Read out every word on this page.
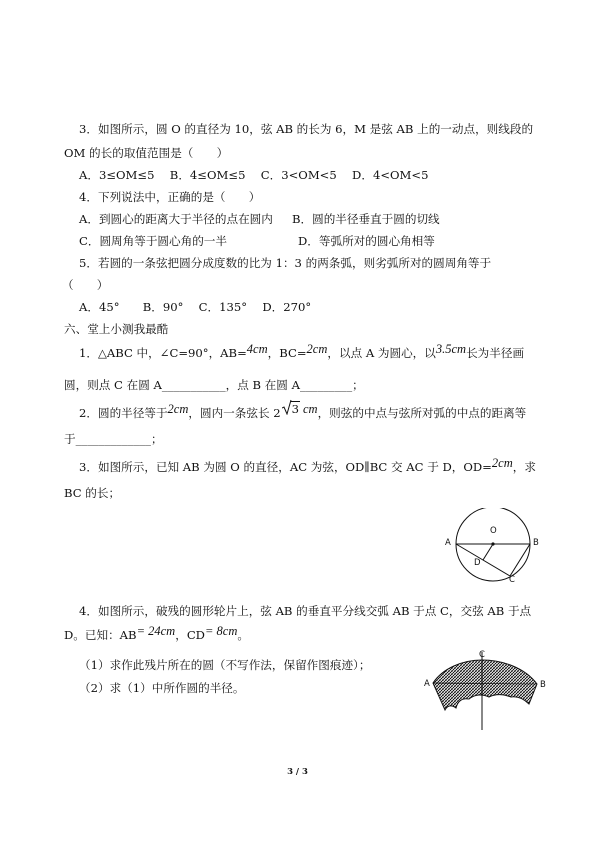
3．如图所示，圆 O 的直径为 10，弦 AB 的长为 6，M 是弦 AB 上的一动点，则线段的
OM 的长的取值范围是（　　）
A．3≤OM≤5　 B．4≤OM≤5　 C．3<OM<5　 D．4<OM<5
4．下列说法中，正确的是（　　）
A．到圆心的距离大于半径的点在圆内 B．圆的半径垂直于圆的切线
C．圆周角等于圆心角的一半	D．等弧所对的圆心角相等
5．若圆的一条弦把圆分成度数的比为 1：3 的两条弧，则劣弧所对的圆周角等于
（　　）
A．45°　　B．90°　 C．135°　 D．270°
六、堂上小测我最酷
1．△ABC 中，∠C=90°，AB=4cm，BC=2cm，以点 A 为圆心，以3.5cm长为半径画
圆，则点 C 在圆 A___________，点 B 在圆 A_________；
2．圆的半径等于2cm，圆内一条弦长 2 3 cm，则弦的中点与弦所对弧的中点的距离等
于_____________；
3．如图所示，已知 AB 为圆 O 的直径，AC 为弦，OD∥BC 交 AC 于 D，OD=2cm，求
BC 的长；
O
A	B
D
C
4．如图所示，破残的圆形轮片上，弦 AB 的垂直平分线交弧 AB 于点 C，交弦 AB 于点
D。已知：AB= 24cm，CD= 8cm。
（1）求作此残片所在的圆（不写作法，保留作图痕迹）；
（2）求（1）中所作圆的半径。
C
A	B
3 / 3
